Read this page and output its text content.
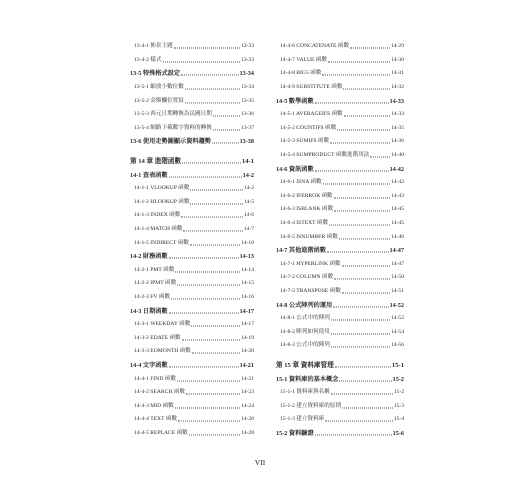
13-4-1 佈景主題	13-33
13-4-2 樣式	13-33
13-5 特殊格式設定	13-34
13-5-1 縮放小數位數	13-34
13-5-2 金額欄位置寫	13-35
13-5-3 西元日期轉換為民國日期	13-36
13-5-4 網路下載數字資料的轉換	13-37
13-6 使用走勢圖顯示資料趨勢	13-38
第 14 章 進階函數	14-1
14-1 查表函數	14-2
14-1-1 VLOOKUP 函數	14-2
14-1-2 HLOOKUP 函數	14-5
14-1-3 INDEX 函數	14-6
14-1-4 MATCH 函數	14-7
14-1-5 INDIRECT 函數	14-10
14-2 財務函數	14-13
14-2-1 PMT 函數	14-14
14-2-2 IPMT 函數	14-15
14-2-3 FV 函數	14-16
14-3 日期函數	14-17
14-3-1 WEEKDAY 函數	14-17
14-3-2 EDATE 函數	14-19
14-3-3 EOMONTH 函數	14-20
14-4 文字函數	14-21
14-4-1 FIND 函數	14-21
14-4-2 SEARCH 函數	14-23
14-4-3 MID 函數	14-24
14-4-4 TEXT 函數	14-26
14-4-5 REPLACE 函數	14-28
14-4-6 CONCATENATE 函數	14-29
14-4-7 VALUE 函數	14-30
14-4-8 BIG5 函數	14-31
14-4-9 SUBSTITUTE 函數	14-32
14-5 數學函數	14-33
14-5-1 AVERAGEIFS 函數	14-33
14-5-2 COUNTIFS 函數	14-35
14-5-3 SUMIFS 函數	14-36
14-5-4 SUMPRODUCT 函數進階用法	14-40
14-6 資訊函數	14-42
14-6-1 ISNA 函數	14-42
14-6-2 IFERROR 函數	14-43
14-6-3 ISBLANK 函數	14-45
14-6-4 ISTEXT 函數	14-45
14-6-5 ISNUMBER 函數	14-46
14-7 其他進階函數	14-47
14-7-1 HYPERLINK 函數	14-47
14-7-2 COLUMN 函數	14-50
14-7-3 TRANSPOSE 函數	14-51
14-8 公式陣列的運用	14-52
14-8-1 公式中的陣列	14-52
14-8-2 陣列如何使用	14-54
14-8-3 公式中的陣列	14-56
第 15 章 資料庫管理	15-1
15-1 資料庫的基本概念	15-2
15-1-1 資料庫與名稱	15-2
15-1-2 建立資料庫的原則	15-3
15-1-3 建立資料庫	15-4
15-2 資料驗證	15-6
VII
